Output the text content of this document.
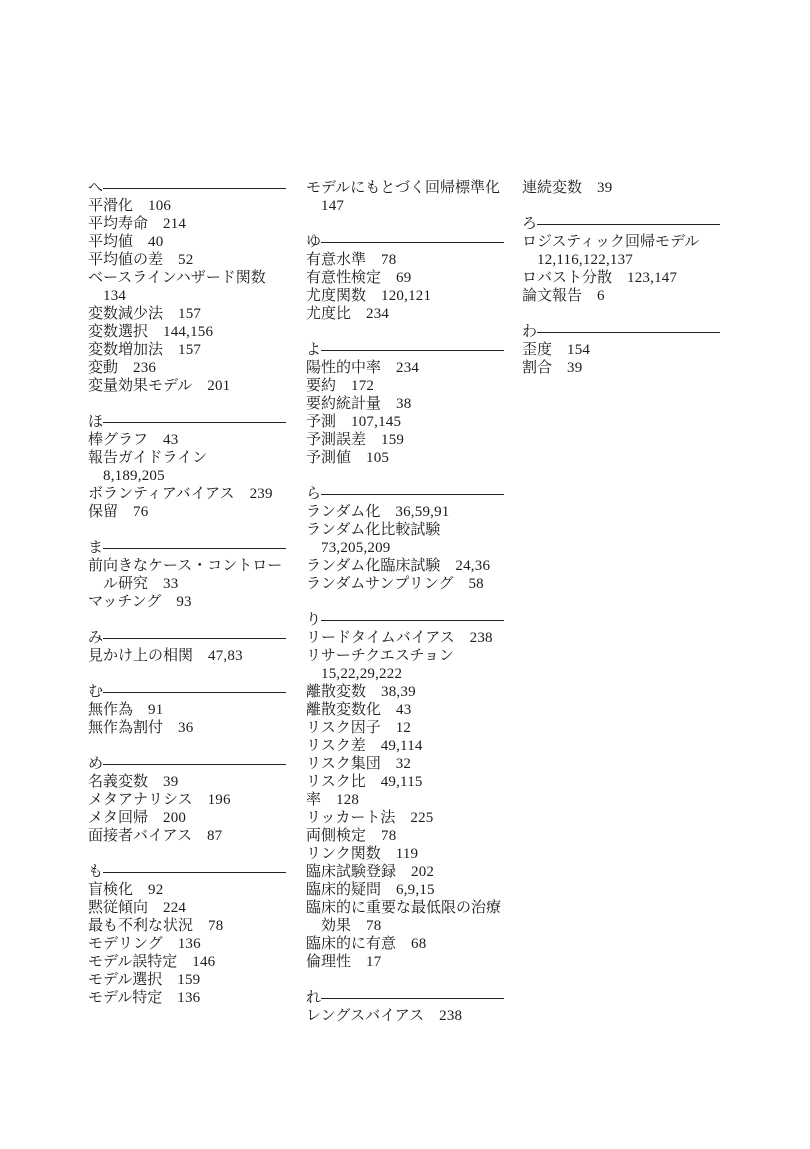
へ
平滑化 106
平均寿命 214
平均値 40
平均値の差 52
ベースラインハザード関数
134
変数減少法 157
変数選択 144,156
変数増加法 157
変動 236
変量効果モデル 201
ほ
棒グラフ 43
報告ガイドライン
8,189,205
ボランティアバイアス 239
保留 76
ま
前向きなケース・コントロー
ル研究 33
マッチング 93
み
見かけ上の相関 47,83
む
無作為 91
無作為割付 36
め
名義変数 39
メタアナリシス 196
メタ回帰 200
面接者バイアス 87
も
盲検化 92
黙従傾向 224
最も不利な状況 78
モデリング 136
モデル誤特定 146
モデル選択 159
モデル特定 136
モデルにもとづく回帰標準化
147
ゆ
有意水準 78
有意性検定 69
尤度関数 120,121
尤度比 234
よ
陽性的中率 234
要約 172
要約統計量 38
予測 107,145
予測誤差 159
予測値 105
ら
ランダム化 36,59,91
ランダム化比較試験
73,205,209
ランダム化臨床試験 24,36
ランダムサンプリング 58
り
リードタイムバイアス 238
リサーチクエスチョン
15,22,29,222
離散変数 38,39
離散変数化 43
リスク因子 12
リスク差 49,114
リスク集団 32
リスク比 49,115
率 128
リッカート法 225
両側検定 78
リンク関数 119
臨床試験登録 202
臨床的疑問 6,9,15
臨床的に重要な最低限の治療
効果 78
臨床的に有意 68
倫理性 17
れ
レングスバイアス 238
連続変数 39
ろ
ロジスティック回帰モデル
12,116,122,137
ロバスト分散 123,147
論文報告 6
わ
歪度 154
割合 39
